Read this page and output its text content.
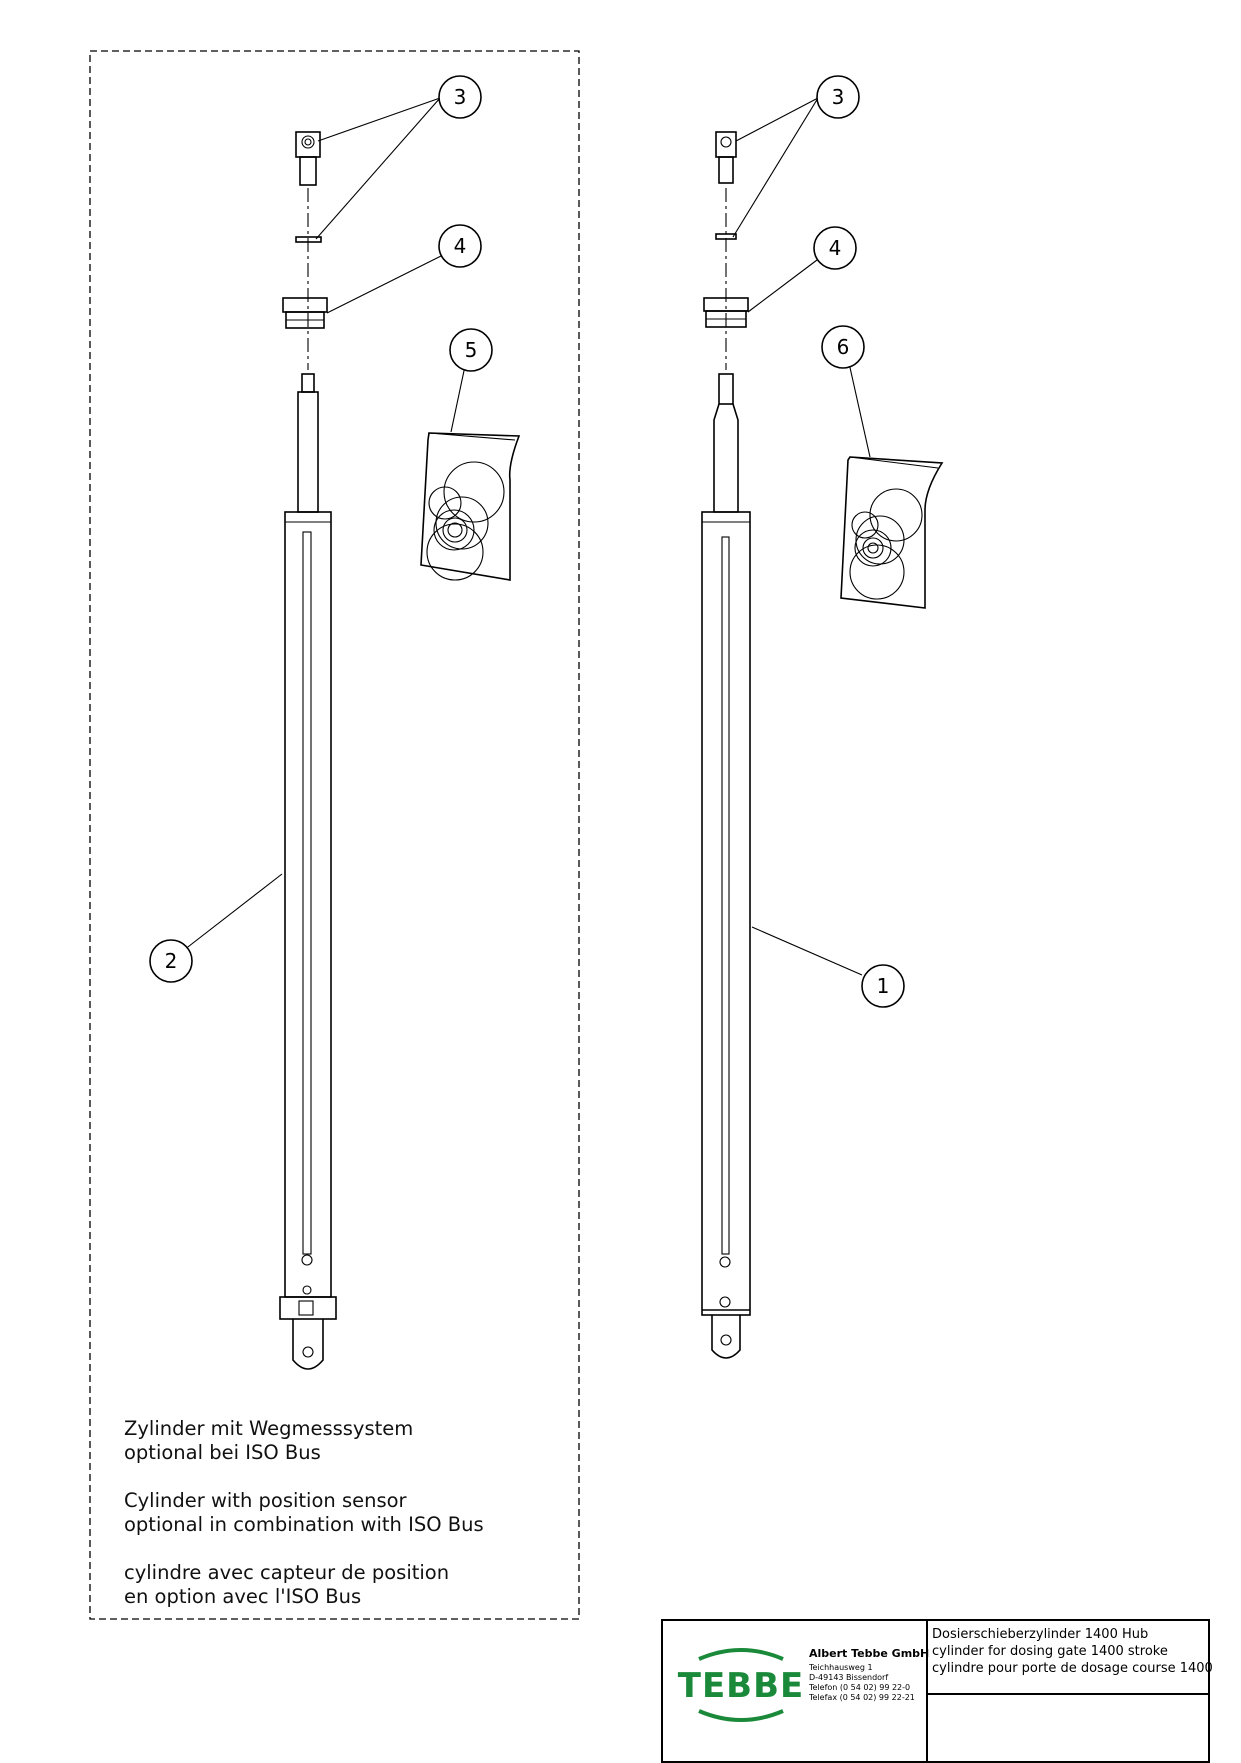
3
4
5
2
3
4
6
1
Zylinder mit Wegmesssystem
optional bei ISO Bus
Cylinder with position sensor
optional in combination with ISO Bus
cylindre avec capteur de position
en option avec l'ISO Bus
TEBBE
Albert Tebbe GmbH
Teichhausweg 1
D-49143 Bissendorf
Telefon (0 54 02) 99 22-0
Telefax (0 54 02) 99 22-21
Dosierschieberzylinder 1400 Hub
cylinder for dosing gate 1400 stroke
cylindre pour porte de dosage course 1400
